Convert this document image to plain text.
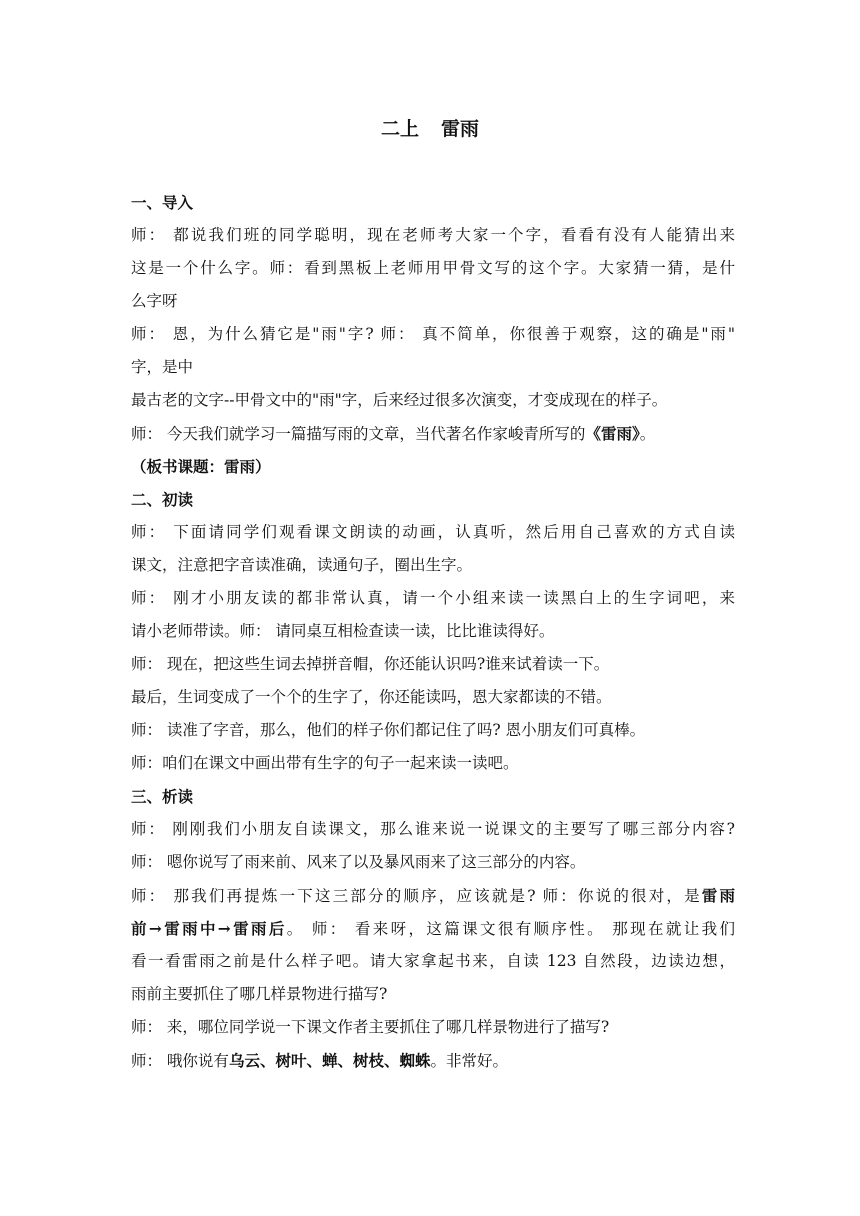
二上 雷雨
一、导入
师： 都说我们班的同学聪明，现在老师考大家一个字，看看有没有人能猜出来
这是一个什么字。师：看到黑板上老师用甲骨文写的这个字。大家猜一猜，是什
么字呀
师： 恩，为什么猜它是"雨"字? 师： 真不简单，你很善于观察，这的确是"雨"
字，是中
最古老的文字--甲骨文中的"雨"字，后来经过很多次演变，才变成现在的样子。
师： 今天我们就学习一篇描写雨的文章，当代著名作家峻青所写的《雷雨》。
（板书课题：雷雨）
二、初读
师： 下面请同学们观看课文朗读的动画，认真听，然后用自己喜欢的方式自读
课文，注意把字音读准确，读通句子，圈出生字。
师： 刚才小朋友读的都非常认真，请一个小组来读一读黑白上的生字词吧，来
请小老师带读。师： 请同桌互相检查读一读，比比谁读得好。
师： 现在，把这些生词去掉拼音帽，你还能认识吗?谁来试着读一下。
最后，生词变成了一个个的生字了，你还能读吗，恩大家都读的不错。
师： 读准了字音，那么，他们的样子你们都记住了吗? 恩小朋友们可真棒。
师：咱们在课文中画出带有生字的句子一起来读一读吧。
三、析读
师： 刚刚我们小朋友自读课文，那么谁来说一说课文的主要写了哪三部分内容?
师： 嗯你说写了雨来前、风来了以及暴风雨来了这三部分的内容。
师： 那我们再提炼一下这三部分的顺序，应该就是? 师：你说的很对，是雷雨
前→雷雨中→雷雨后。 师： 看来呀，这篇课文很有顺序性。 那现在就让我们
看一看雷雨之前是什么样子吧。请大家拿起书来，自读 123 自然段，边读边想，
雨前主要抓住了哪几样景物进行描写?
师： 来，哪位同学说一下课文作者主要抓住了哪几样景物进行了描写?
师： 哦你说有乌云、树叶、蝉、树枝、蜘蛛。非常好。
